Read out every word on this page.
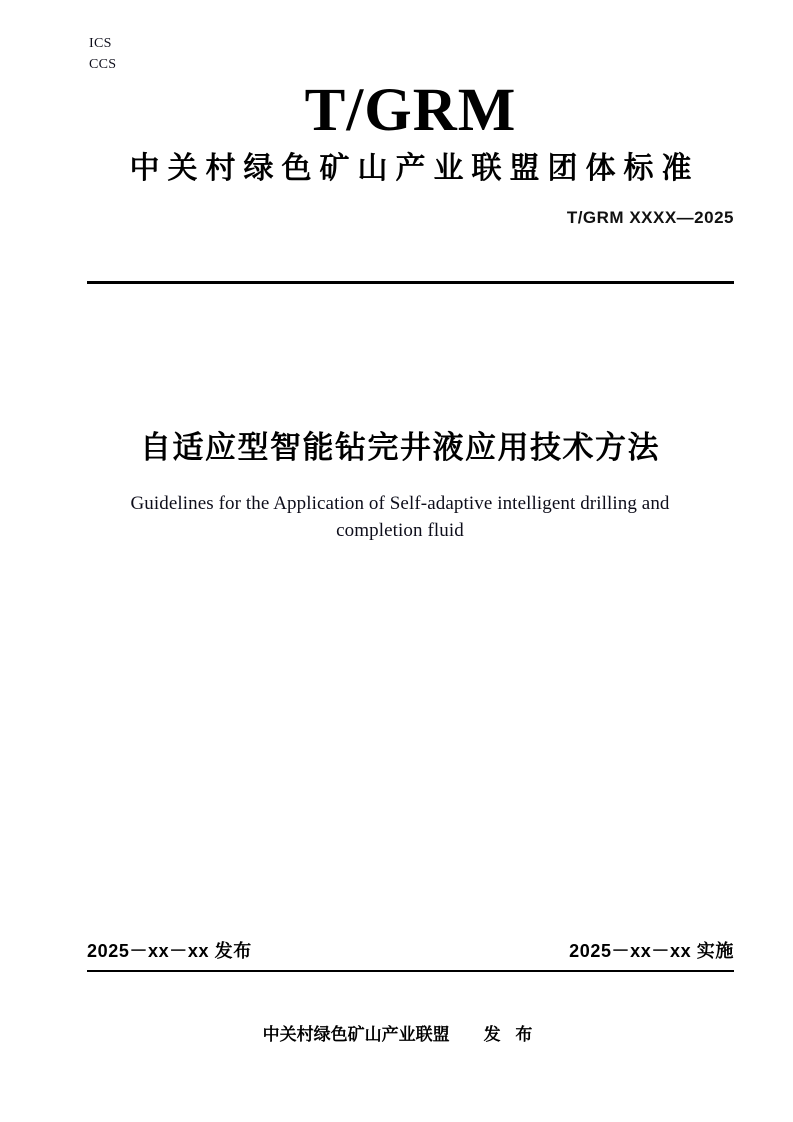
ICS
CCS
T/GRM
中关村绿色矿山产业联盟团体标准
T/GRM XXXX—2025
自适应型智能钻完井液应用技术方法
Guidelines for the Application of Self-adaptive intelligent drilling and completion fluid
2025－xx－xx 发布	2025－xx－xx 实施
中关村绿色矿山产业联盟 发 布
